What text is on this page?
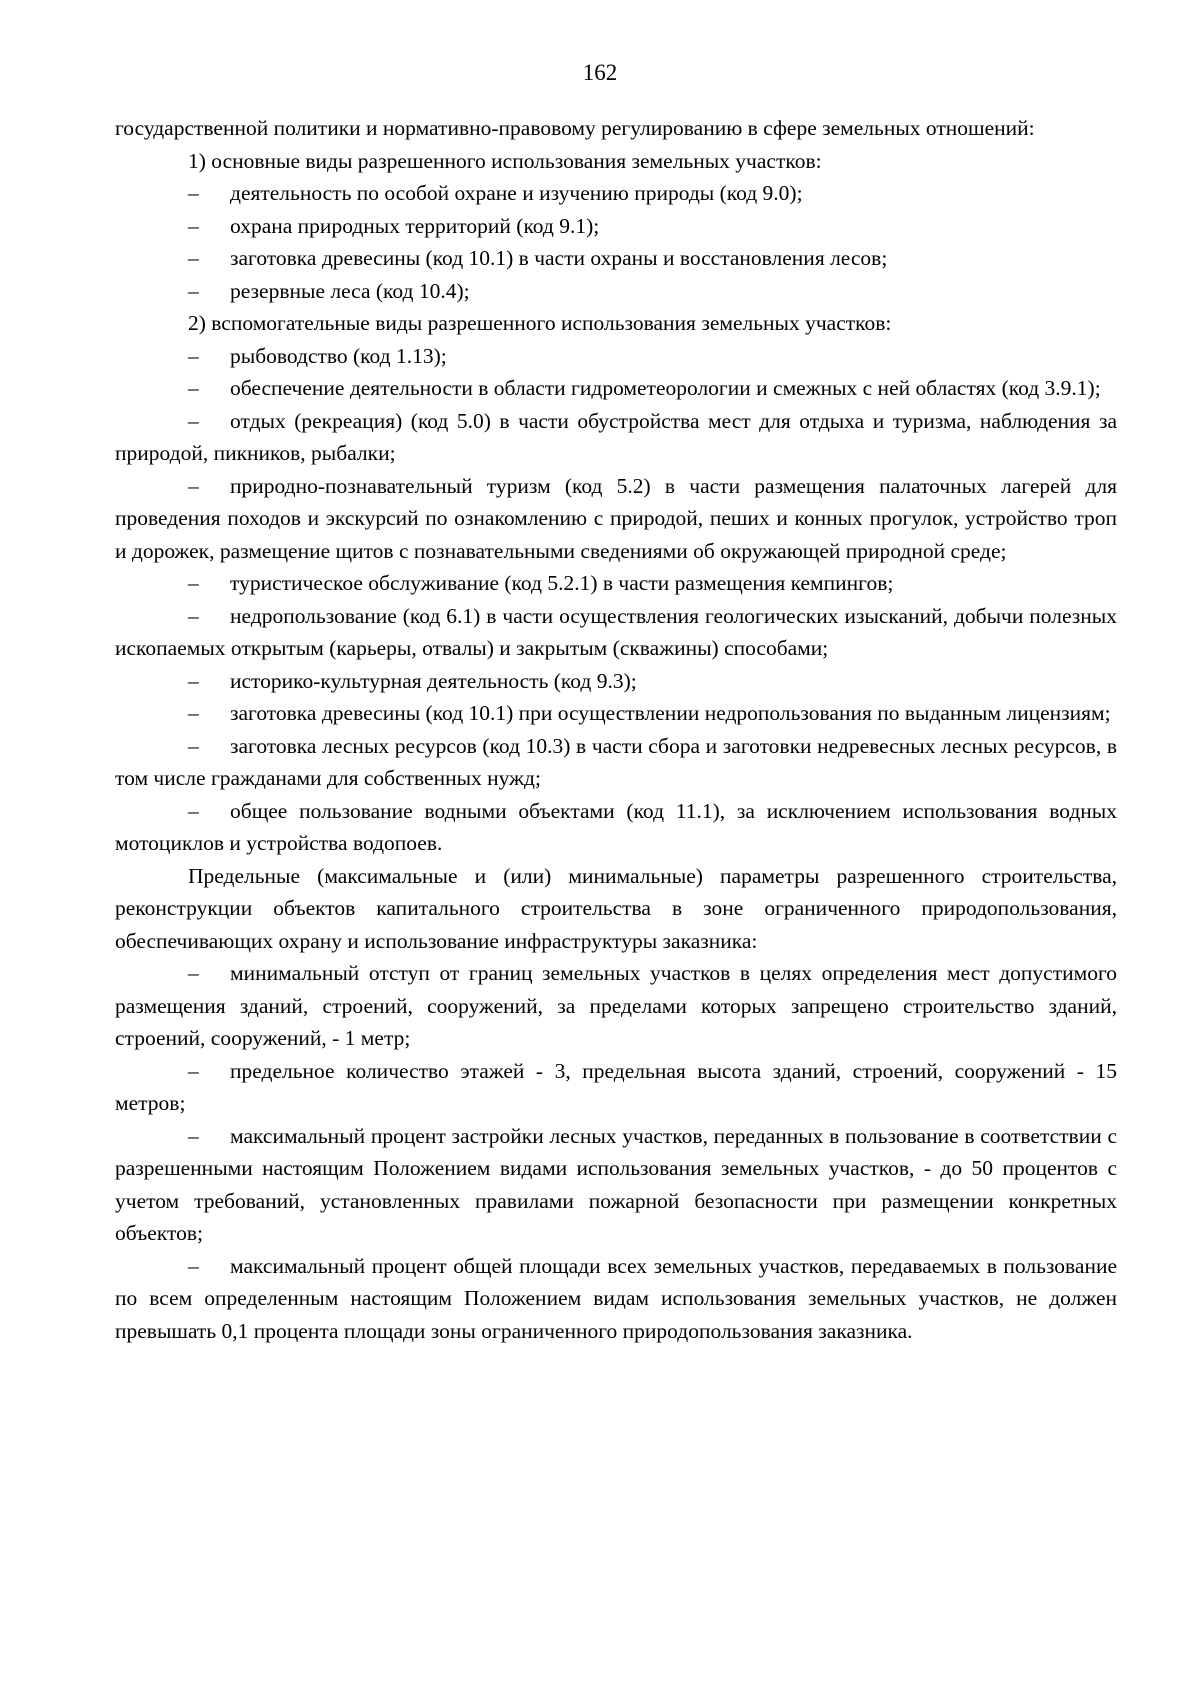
162

государственной политики и нормативно-правовому регулированию в сфере земельных отношений:

1) основные виды разрешенного использования земельных участков:

– деятельность по особой охране и изучению природы (код 9.0);

– охрана природных территорий (код 9.1);

– заготовка древесины (код 10.1) в части охраны и восстановления лесов;

– резервные леса (код 10.4);

2) вспомогательные виды разрешенного использования земельных участков:

– рыбоводство (код 1.13);

– обеспечение деятельности в области гидрометеорологии и смежных с ней областях (код 3.9.1);

– отдых (рекреация) (код 5.0) в части обустройства мест для отдыха и туризма, наблюдения за природой, пикников, рыбалки;

– природно-познавательный туризм (код 5.2) в части размещения палаточных лагерей для проведения походов и экскурсий по ознакомлению с природой, пеших и конных прогулок, устройство троп и дорожек, размещение щитов с познавательными сведениями об окружающей природной среде;

– туристическое обслуживание (код 5.2.1) в части размещения кемпингов;

– недропользование (код 6.1) в части осуществления геологических изысканий, добычи полезных ископаемых открытым (карьеры, отвалы) и закрытым (скважины) способами;

– историко-культурная деятельность (код 9.3);

– заготовка древесины (код 10.1) при осуществлении недропользования по выданным лицензиям;

– заготовка лесных ресурсов (код 10.3) в части сбора и заготовки недревесных лесных ресурсов, в том числе гражданами для собственных нужд;

– общее пользование водными объектами (код 11.1), за исключением использования водных мотоциклов и устройства водопоев.

Предельные (максимальные и (или) минимальные) параметры разрешенного строительства, реконструкции объектов капитального строительства в зоне ограниченного природопользования, обеспечивающих охрану и использование инфраструктуры заказника:

– минимальный отступ от границ земельных участков в целях определения мест допустимого размещения зданий, строений, сооружений, за пределами которых запрещено строительство зданий, строений, сооружений, - 1 метр;

– предельное количество этажей - 3, предельная высота зданий, строений, сооружений - 15 метров;

– максимальный процент застройки лесных участков, переданных в пользование в соответствии с разрешенными настоящим Положением видами использования земельных участков, - до 50 процентов с учетом требований, установленных правилами пожарной безопасности при размещении конкретных объектов;

– максимальный процент общей площади всех земельных участков, передаваемых в пользование по всем определенным настоящим Положением видам использования земельных участков, не должен превышать 0,1 процента площади зоны ограниченного природопользования заказника.
